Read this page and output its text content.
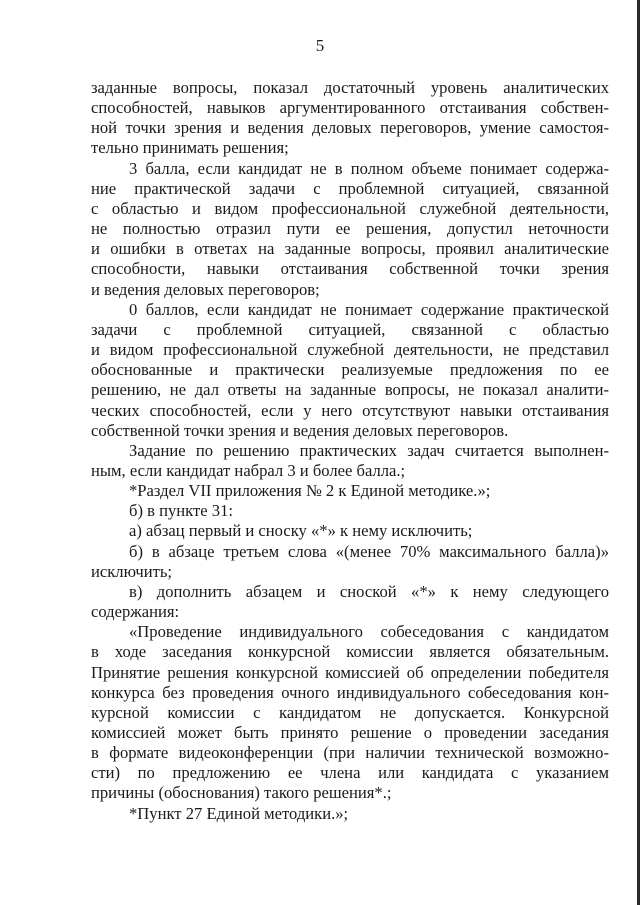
5
заданные вопросы, показал достаточный уровень аналитических
способностей, навыков аргументированного отстаивания собствен-
ной точки зрения и ведения деловых переговоров, умение самостоя-
тельно принимать решения;
3 балла, если кандидат не в полном объеме понимает содержа-
ние практической задачи с проблемной ситуацией, связанной
с областью и видом профессиональной служебной деятельности,
не полностью отразил пути ее решения, допустил неточности
и ошибки в ответах на заданные вопросы, проявил аналитические
способности, навыки отстаивания собственной точки зрения
и ведения деловых переговоров;
0 баллов, если кандидат не понимает содержание практической
задачи с проблемной ситуацией, связанной с областью
и видом профессиональной служебной деятельности, не представил
обоснованные и практически реализуемые предложения по ее
решению, не дал ответы на заданные вопросы, не показал аналити-
ческих способностей, если у него отсутствуют навыки отстаивания
собственной точки зрения и ведения деловых переговоров.
Задание по решению практических задач считается выполнен-
ным, если кандидат набрал 3 и более балла.;
*Раздел VII приложения № 2 к Единой методике.»;
б) в пункте 31:
а) абзац первый и сноску «*» к нему исключить;
б) в абзаце третьем слова «(менее 70% максимального балла)»
исключить;
в) дополнить абзацем и сноской «*» к нему следующего
содержания:
«Проведение индивидуального собеседования с кандидатом
в ходе заседания конкурсной комиссии является обязательным.
Принятие решения конкурсной комиссией об определении победителя
конкурса без проведения очного индивидуального собеседования кон-
курсной комиссии с кандидатом не допускается. Конкурсной
комиссией может быть принято решение о проведении заседания
в формате видеоконференции (при наличии технической возможно-
сти) по предложению ее члена или кандидата с указанием
причины (обоснования) такого решения*.;
*Пункт 27 Единой методики.»;
